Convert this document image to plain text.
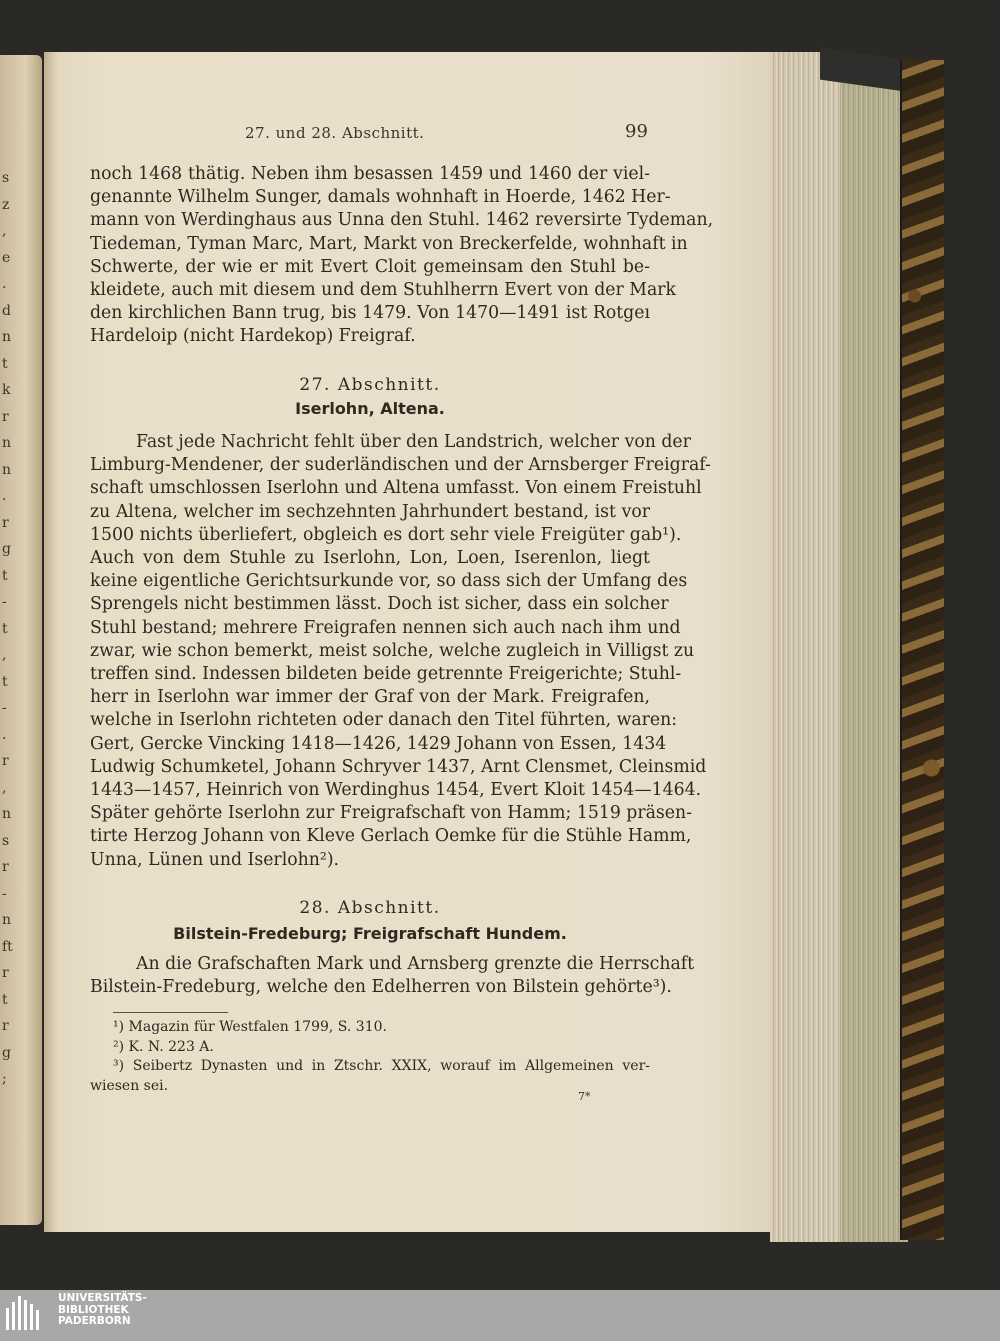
s
z
,
e
.
d
n
t
k
r
n
n
.
r
g
t
-
t
,
t
-
.
r
,
n
s
r
-
n
ft
r
t
r
g
;
27. und 28. Abschnitt.	99
noch 1468 thätig. Neben ihm besassen 1459 und 1460 der viel-
genannte Wilhelm Sunger, damals wohnhaft in Hoerde, 1462 Her-
mann von Werdinghaus aus Unna den Stuhl. 1462 reversirte Tydeman,
Tiedeman, Tyman Marc, Mart, Markt von Breckerfelde, wohnhaft in
Schwerte, der wie er mit Evert Cloit gemeinsam den Stuhl be-
kleidete, auch mit diesem und dem Stuhlherrn Evert von der Mark
den kirchlichen Bann trug, bis 1479. Von 1470—1491 ist Rotgeı
Hardeloip (nicht Hardekop) Freigraf.
27. Abschnitt.
Iserlohn, Altena.
Fast jede Nachricht fehlt über den Landstrich, welcher von der
Limburg-Mendener, der suderländischen und der Arnsberger Freigraf-
schaft umschlossen Iserlohn und Altena umfasst. Von einem Freistuhl
zu Altena, welcher im sechzehnten Jahrhundert bestand, ist vor
1500 nichts überliefert, obgleich es dort sehr viele Freigüter gab¹).
Auch von dem Stuhle zu Iserlohn, Lon, Loen, Iserenlon, liegt
keine eigentliche Gerichtsurkunde vor, so dass sich der Umfang des
Sprengels nicht bestimmen lässt. Doch ist sicher, dass ein solcher
Stuhl bestand; mehrere Freigrafen nennen sich auch nach ihm und
zwar, wie schon bemerkt, meist solche, welche zugleich in Villigst zu
treffen sind. Indessen bildeten beide getrennte Freigerichte; Stuhl-
herr in Iserlohn war immer der Graf von der Mark. Freigrafen,
welche in Iserlohn richteten oder danach den Titel führten, waren:
Gert, Gercke Vincking 1418—1426, 1429 Johann von Essen, 1434
Ludwig Schumketel, Johann Schryver 1437, Arnt Clensmet, Cleinsmid
1443—1457, Heinrich von Werdinghus 1454, Evert Kloit 1454—1464.
Später gehörte Iserlohn zur Freigrafschaft von Hamm; 1519 präsen-
tirte Herzog Johann von Kleve Gerlach Oemke für die Stühle Hamm,
Unna, Lünen und Iserlohn²).
28. Abschnitt.
Bilstein-Fredeburg; Freigrafschaft Hundem.
An die Grafschaften Mark und Arnsberg grenzte die Herrschaft
Bilstein-Fredeburg, welche den Edelherren von Bilstein gehörte³).
¹) Magazin für Westfalen 1799, S. 310.
²) K. N. 223 A.
³) Seibertz Dynasten und in Ztschr. XXIX, worauf im Allgemeinen ver-
wiesen sei.
7*
UNIVERSITÄTS-
BIBLIOTHEK
PADERBORN
